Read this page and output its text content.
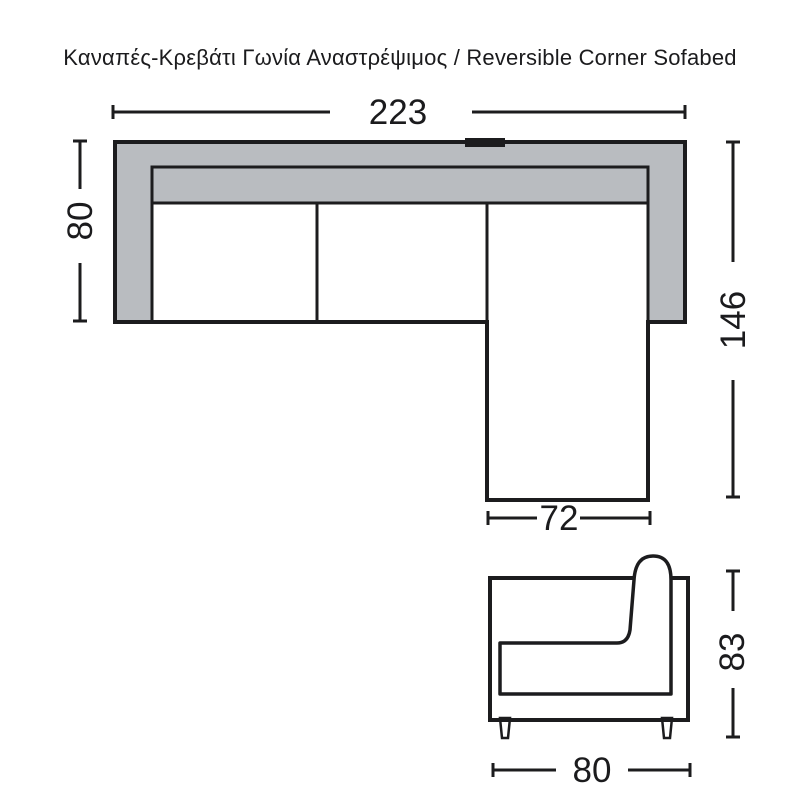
Καναπές-Κρεβάτι Γωνία Αναστρέψιμος / Reversible Corner Sofabed
223
80
146
72
83
80
